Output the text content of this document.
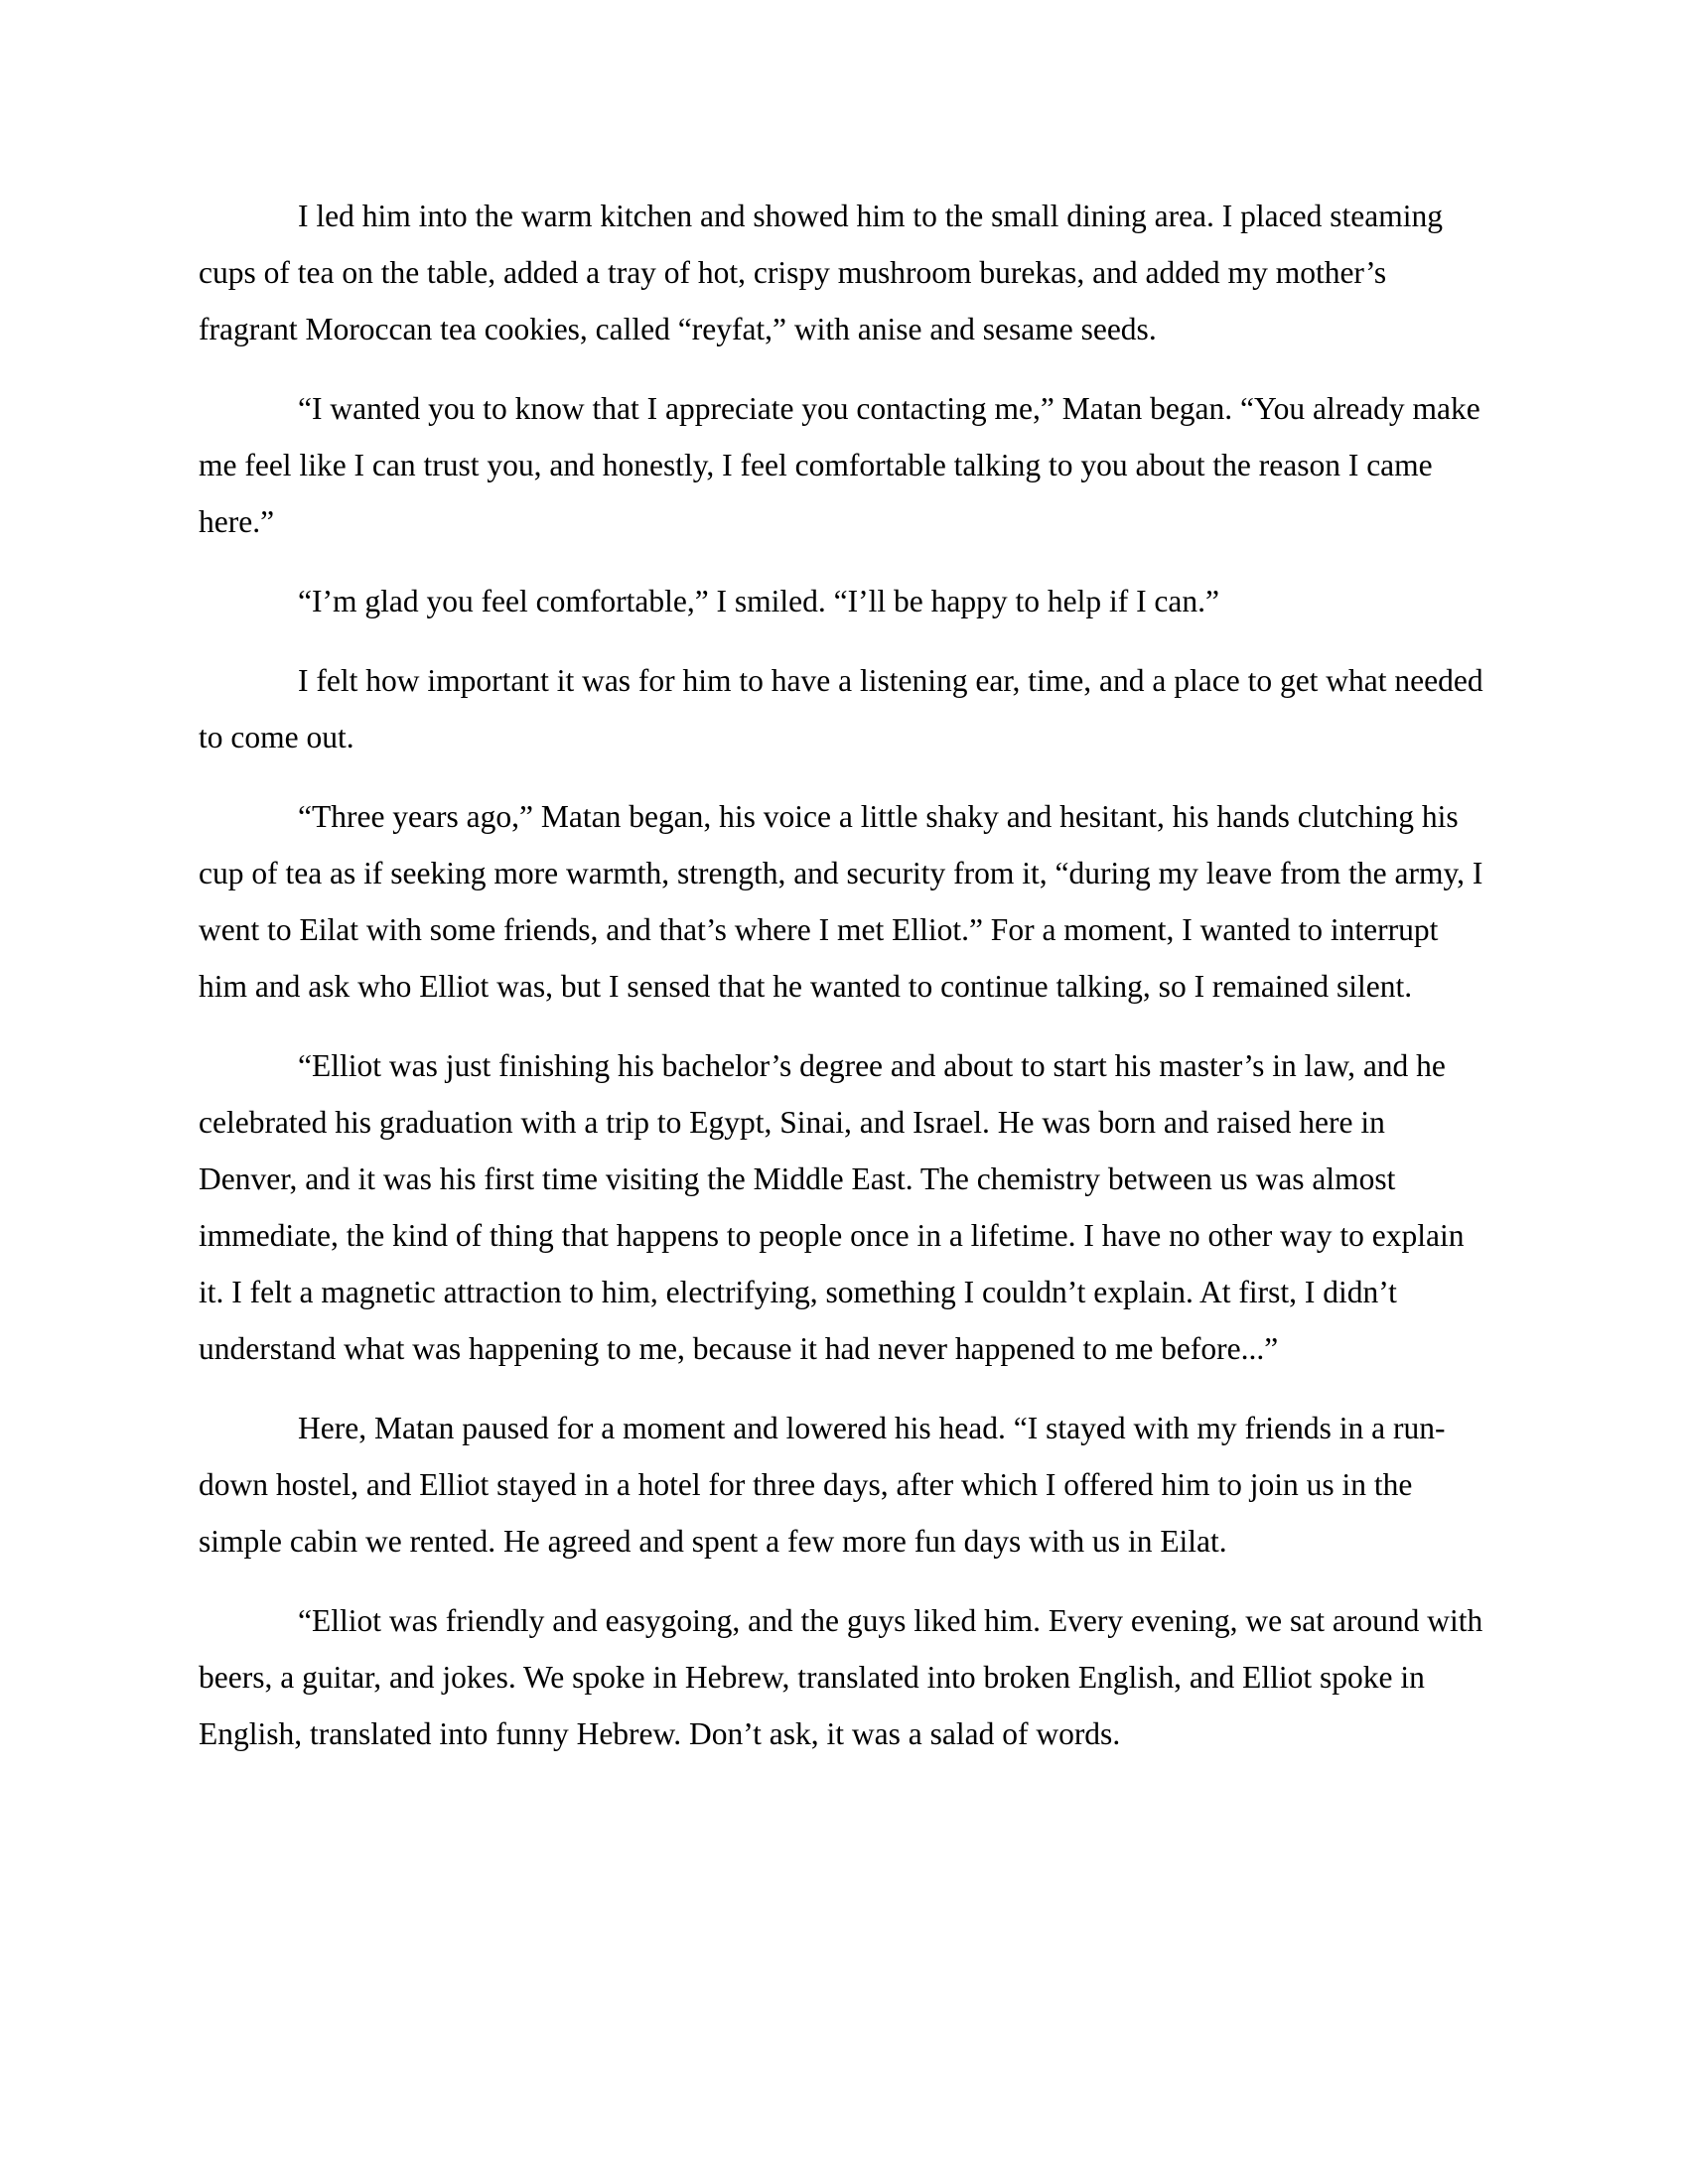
I led him into the warm kitchen and showed him to the small dining area. I placed steaming cups of tea on the table, added a tray of hot, crispy mushroom burekas, and added my mother’s fragrant Moroccan tea cookies, called “reyfat,” with anise and sesame seeds.

“I wanted you to know that I appreciate you contacting me,” Matan began. “You already make me feel like I can trust you, and honestly, I feel comfortable talking to you about the reason I came here.”

“I’m glad you feel comfortable,” I smiled. “I’ll be happy to help if I can.”

I felt how important it was for him to have a listening ear, time, and a place to get what needed to come out.

“Three years ago,” Matan began, his voice a little shaky and hesitant, his hands clutching his cup of tea as if seeking more warmth, strength, and security from it, “during my leave from the army, I went to Eilat with some friends, and that’s where I met Elliot.” For a moment, I wanted to interrupt him and ask who Elliot was, but I sensed that he wanted to continue talking, so I remained silent.

“Elliot was just finishing his bachelor’s degree and about to start his master’s in law, and he celebrated his graduation with a trip to Egypt, Sinai, and Israel. He was born and raised here in Denver, and it was his first time visiting the Middle East. The chemistry between us was almost immediate, the kind of thing that happens to people once in a lifetime. I have no other way to explain it. I felt a magnetic attraction to him, electrifying, something I couldn’t explain. At first, I didn’t understand what was happening to me, because it had never happened to me before...”

Here, Matan paused for a moment and lowered his head. “I stayed with my friends in a run-down hostel, and Elliot stayed in a hotel for three days, after which I offered him to join us in the simple cabin we rented. He agreed and spent a few more fun days with us in Eilat.

“Elliot was friendly and easygoing, and the guys liked him. Every evening, we sat around with beers, a guitar, and jokes. We spoke in Hebrew, translated into broken English, and Elliot spoke in English, translated into funny Hebrew. Don’t ask, it was a salad of words.
